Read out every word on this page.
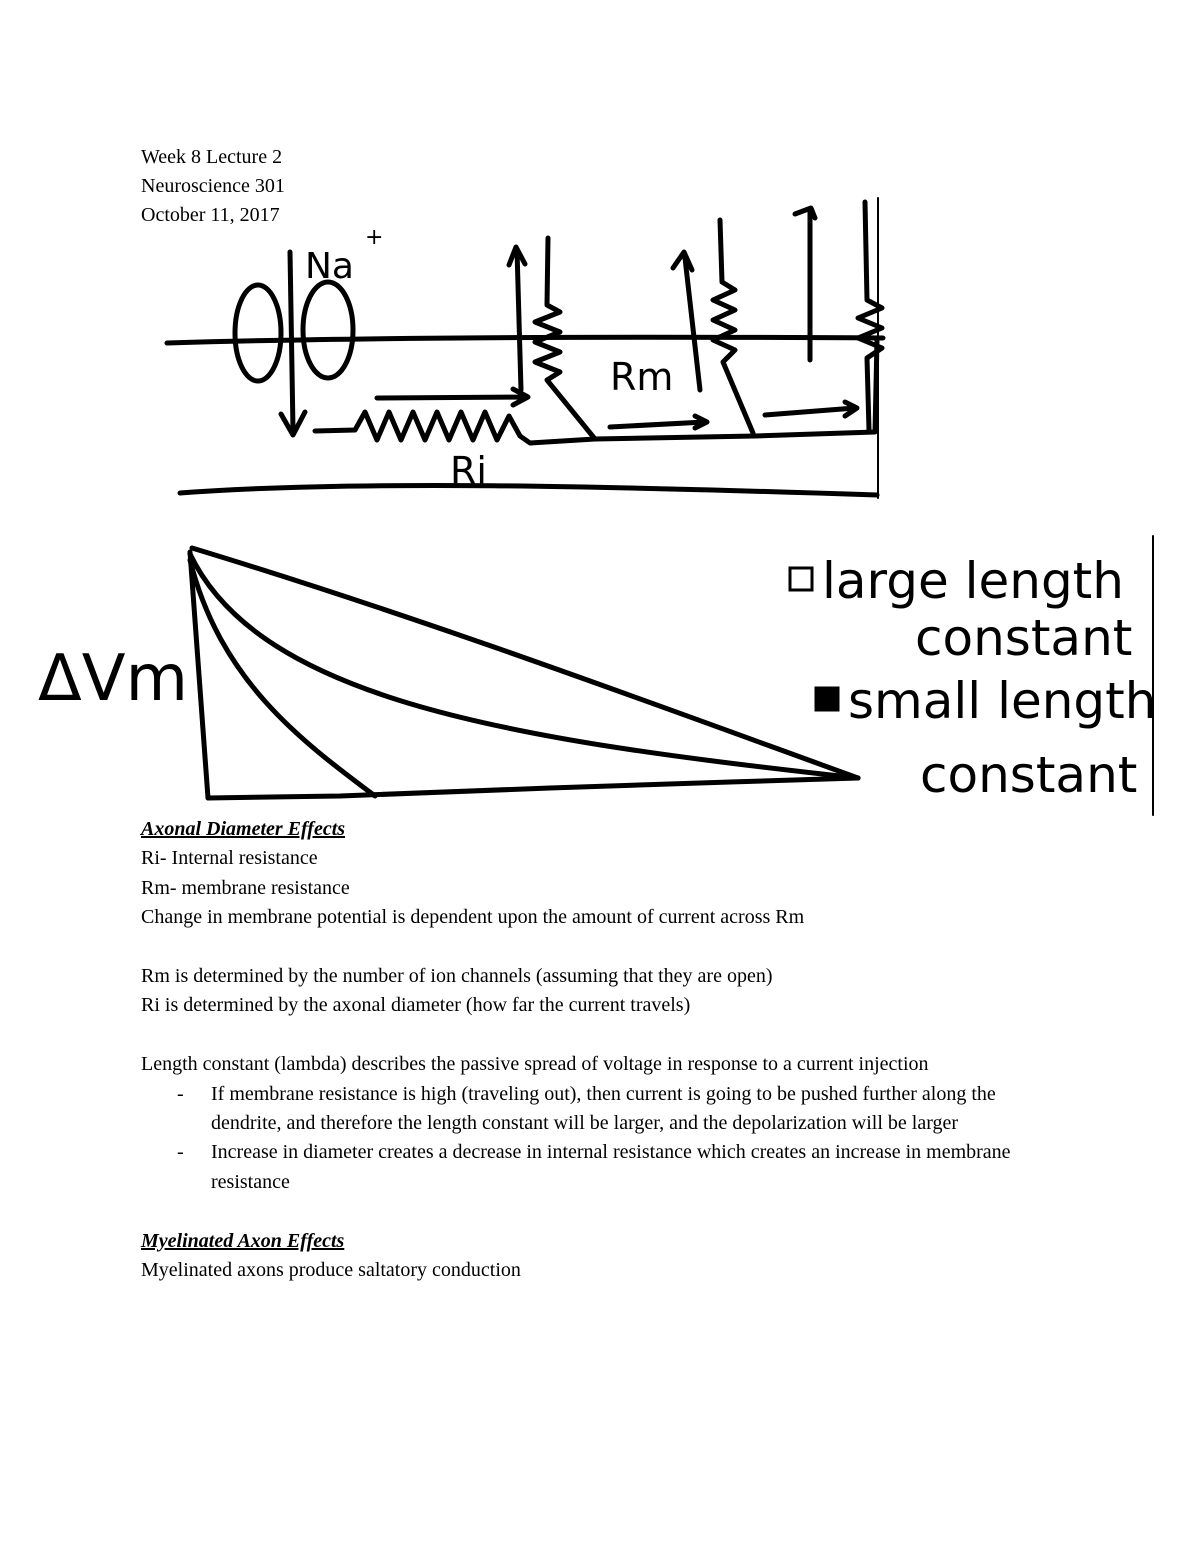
Week 8 Lecture 2
Neuroscience 301
October 11, 2017
Na
+
Rm
Ri
ΔVm
large length
constant
small length
constant

Axonal Diameter Effects

Ri- Internal resistance

Rm- membrane resistance

Change in membrane potential is dependent upon the amount of current across Rm

Rm is determined by the number of ion channels (assuming that they are open)

Ri is determined by the axonal diameter (how far the current travels)

Length constant (lambda) describes the passive spread of voltage in response to a current injection

- If membrane resistance is high (traveling out), then current is going to be pushed further along the dendrite, and therefore the length constant will be larger, and the depolarization will be larger
- Increase in diameter creates a decrease in internal resistance which creates an increase in membrane resistance

Myelinated Axon Effects

Myelinated axons produce saltatory conduction
